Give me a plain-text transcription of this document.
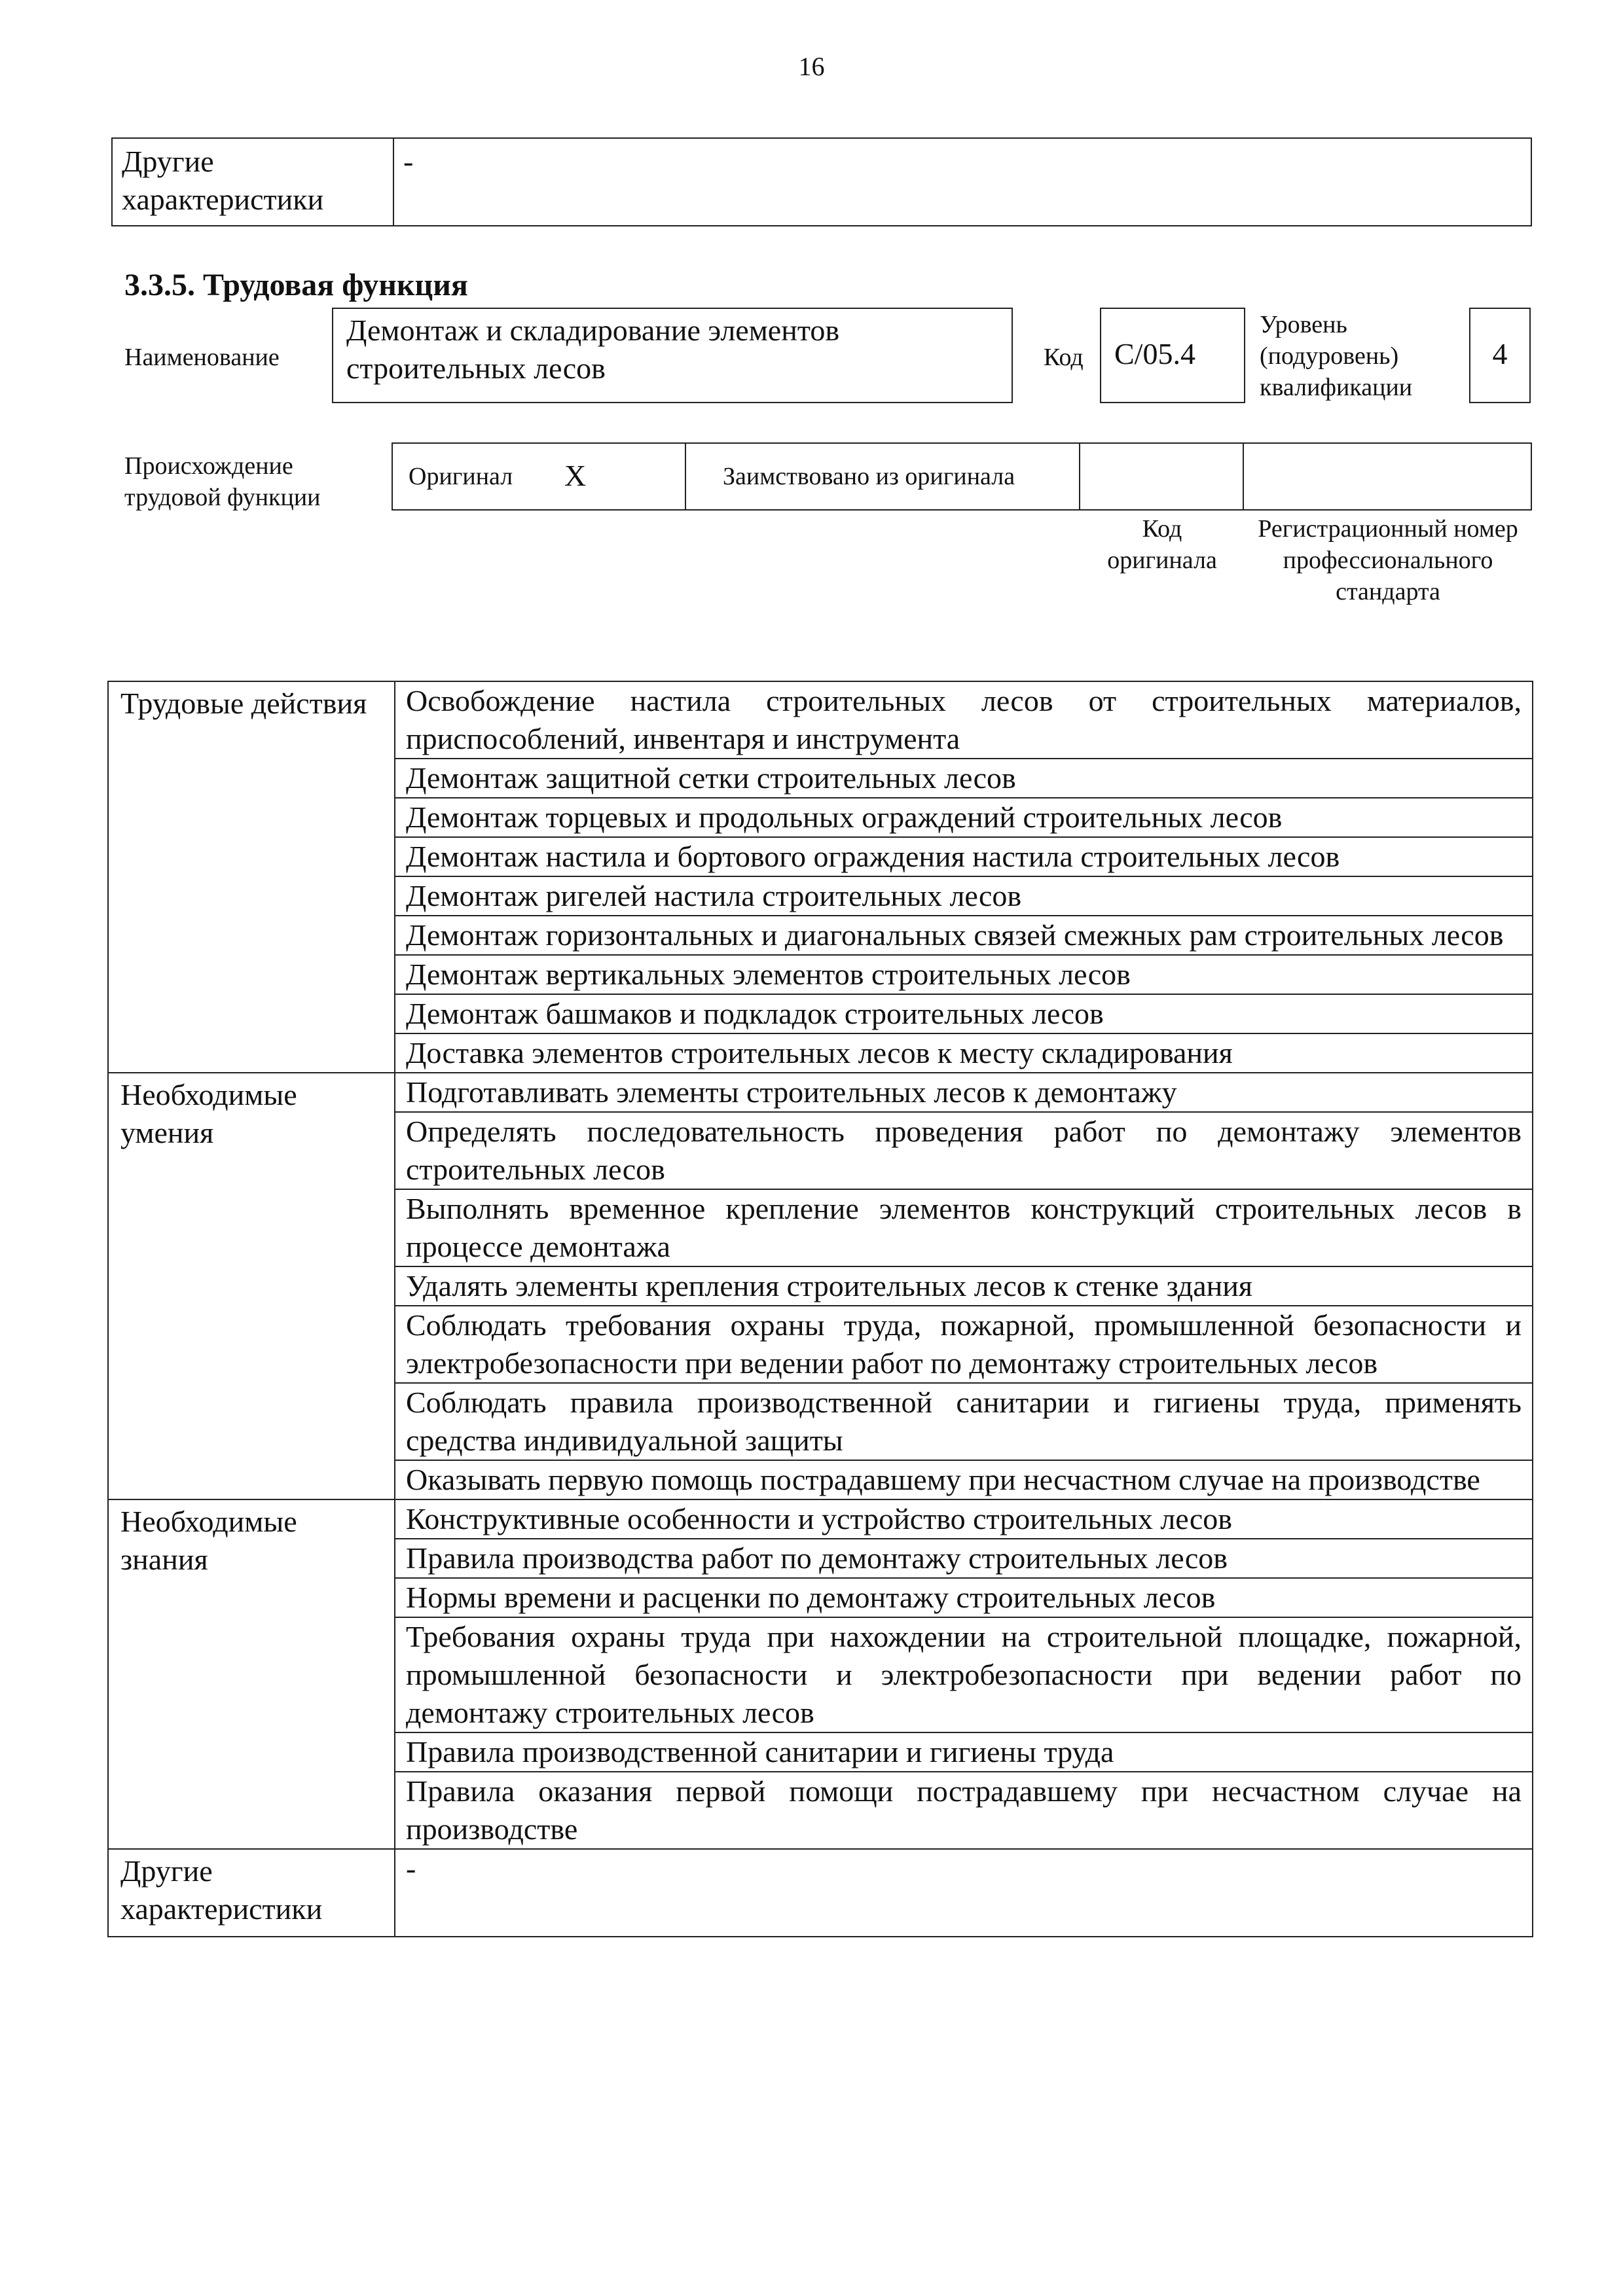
16
Другие характеристики	-
3.3.5. Трудовая функция
Наименование
Демонтаж и складирование элементов строительных лесов	Код	C/05.4
Уровень (подуровень) квалификации
4
Происхождение трудовой функции
Оригинал X	Заимствовано из оригинала
Код оригинала
Регистрационный номер профессионального стандарта
Трудовые действия	Освобождение настила строительных лесов от строительных материалов, приспособлений, инвентаря и инструмента
	Демонтаж защитной сетки строительных лесов
	Демонтаж торцевых и продольных ограждений строительных лесов
	Демонтаж настила и бортового ограждения настила строительных лесов
	Демонтаж ригелей настила строительных лесов
	Демонтаж горизонтальных и диагональных связей смежных рам строительных лесов
	Демонтаж вертикальных элементов строительных лесов
	Демонтаж башмаков и подкладок строительных лесов
	Доставка элементов строительных лесов к месту складирования
Необходимые умения	Подготавливать элементы строительных лесов к демонтажу
	Определять последовательность проведения работ по демонтажу элементов строительных лесов
	Выполнять временное крепление элементов конструкций строительных лесов в процессе демонтажа
	Удалять элементы крепления строительных лесов к стенке здания
	Соблюдать требования охраны труда, пожарной, промышленной безопасности и электробезопасности при ведении работ по демонтажу строительных лесов
	Соблюдать правила производственной санитарии и гигиены труда, применять средства индивидуальной защиты
	Оказывать первую помощь пострадавшему при несчастном случае на производстве
Необходимые знания	Конструктивные особенности и устройство строительных лесов
	Правила производства работ по демонтажу строительных лесов
	Нормы времени и расценки по демонтажу строительных лесов
	Требования охраны труда при нахождении на строительной площадке, пожарной, промышленной безопасности и электробезопасности при ведении работ по демонтажу строительных лесов
	Правила производственной санитарии и гигиены труда
	Правила оказания первой помощи пострадавшему при несчастном случае на производстве
Другие характеристики	-
